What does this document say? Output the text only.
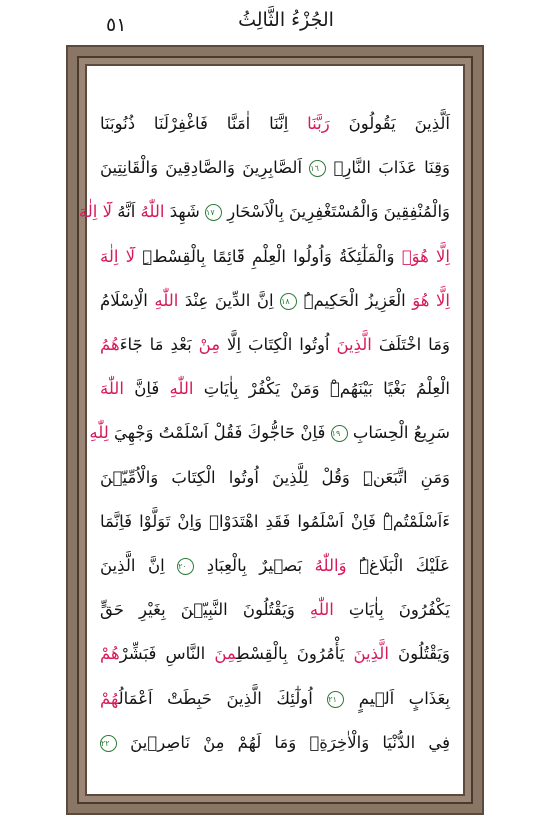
٥١	الجُزْءُ الثَّالِثُ
اَلَّذِينَ يَقُولُونَ رَبَّنَا اِنَّنَا اٰمَنَّا فَاغْفِرْلَنَا ذُنُوبَنَا
وَقِنَا عَذَابَ النَّارِۚ ١٦ اَلصَّابِرِينَ وَالصَّادِقِينَ وَالْقَانِتِينَ
وَالْمُنْفِقِينَ وَالْمُسْتَغْفِرِينَ بِالْاَسْحَارِ ١٧ شَهِدَ اللّٰهُ اَنَّهُ لَٓا اِلٰهَ
اِلَّا هُوَۙ وَالْمَلٰٓئِكَةُ وَاُولُوا الْعِلْمِ قَٓائِمًا بِالْقِسْطِۜ لَٓا اِلٰهَ
اِلَّا هُوَ الْعَزِيزُ الْحَكِيمُۜ ١٨ اِنَّ الدِّينَ عِنْدَ اللّٰهِ الْاِسْلَامُ
وَمَا اخْتَلَفَ الَّذِينَ اُوتُوا الْكِتَابَ اِلَّا مِنْ بَعْدِ مَا جَٓاءَهُمُ
الْعِلْمُ بَغْيًا بَيْنَهُمْۜ وَمَنْ يَكْفُرْ بِاٰيَاتِ اللّٰهِ فَاِنَّ اللّٰهَ
سَرِيعُ الْحِسَابِ ١٩ فَاِنْ حَٓاجُّوكَ فَقُلْ اَسْلَمْتُ وَجْهِيَ لِلّٰهِ
وَمَنِ اتَّبَعَنِۜ وَقُلْ لِلَّذِينَ اُوتُوا الْكِتَابَ وَالْاُمِّيّٖنَ
ءَاَسْلَمْتُمْۜ فَاِنْ اَسْلَمُوا فَقَدِ اهْتَدَوْاۚ وَاِنْ تَوَلَّوْا فَاِنَّمَا
عَلَيْكَ الْبَلَاغُۜ وَاللّٰهُ بَصٖيرٌ بِالْعِبَادِ ٢٠ اِنَّ الَّذِينَ
يَكْفُرُونَ بِاٰيَاتِ اللّٰهِ وَيَقْتُلُونَ النَّبِيّٖنَ بِغَيْرِ حَقٍّ
وَيَقْتُلُونَ الَّذِينَ يَأْمُرُونَ بِالْقِسْطِمِنَ النَّاسِ فَبَشِّرْهُمْ
بِعَذَابٍ اَلٖيمٍ ٢١ اُولٰٓئِكَ الَّذِينَ حَبِطَتْ اَعْمَالُهُمْ
فِي الدُّنْيَا وَالْاٰخِرَةِۘ وَمَا لَهُمْ مِنْ نَاصِرٖينَ ٢٢
